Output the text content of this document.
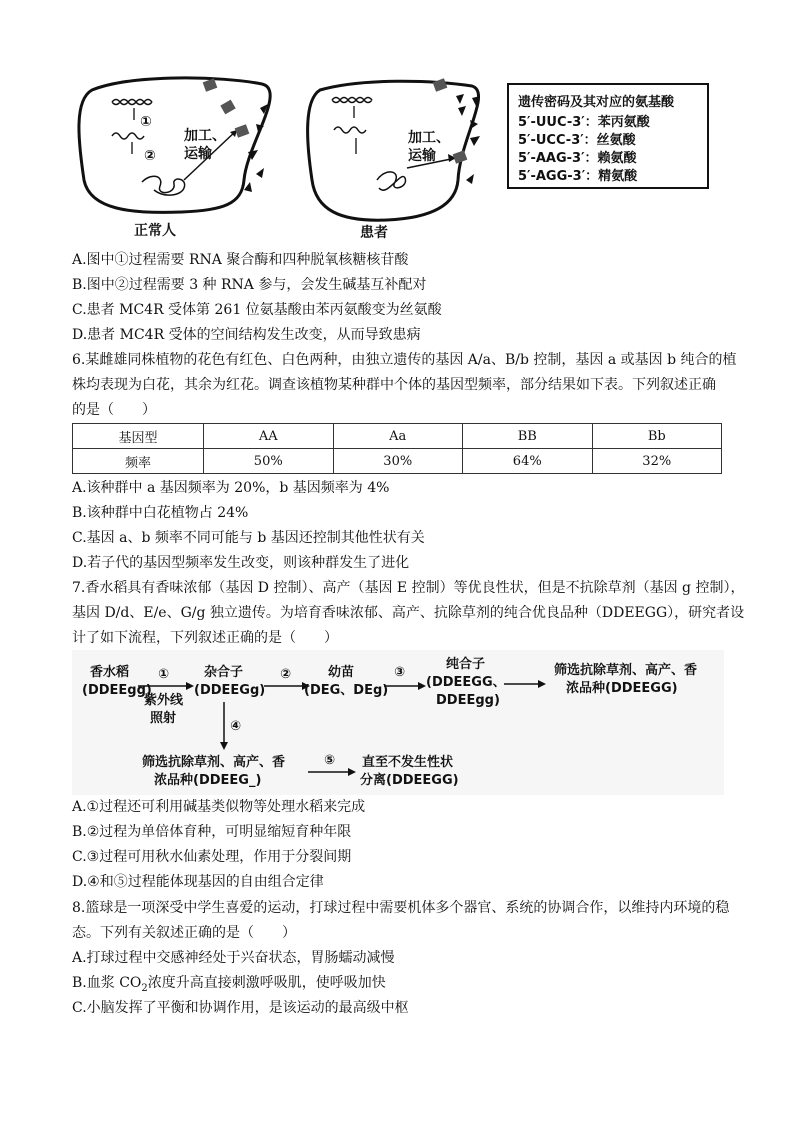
①
②
加工、
运输
正常人
加工、
运输
患者
遗传密码及其对应的氨基酸
5′-UUC-3′：苯丙氨酸
5′-UCC-3′：丝氨酸
5′-AAG-3′：赖氨酸
5′-AGG-3′：精氨酸
A.图中①过程需要 RNA 聚合酶和四种脱氧核糖核苷酸
B.图中②过程需要 3 种 RNA 参与，会发生碱基互补配对
C.患者 MC4R 受体第 261 位氨基酸由苯丙氨酸变为丝氨酸
D.患者 MC4R 受体的空间结构发生改变，从而导致患病
6.某雌雄同株植物的花色有红色、白色两种，由独立遗传的基因 A/a、B/b 控制，基因 a 或基因 b 纯合的植
株均表现为白花，其余为红花。调查该植物某种群中个体的基因型频率，部分结果如下表。下列叙述正确
的是（　　）
基因型	AA	Aa	BB	Bb
频率	50%	30%	64%	32%
A.该种群中 a 基因频率为 20%，b 基因频率为 4%
B.该种群中白花植物占 24%
C.基因 a、b 频率不同可能与 b 基因还控制其他性状有关
D.若子代的基因型频率发生改变，则该种群发生了进化
7.香水稻具有香味浓郁（基因 D 控制）、高产（基因 E 控制）等优良性状，但是不抗除草剂（基因 g 控制），
基因 D/d、E/e、G/g 独立遗传。为培育香味浓郁、高产、抗除草剂的纯合优良品种（DDEEGG），研究者设
计了如下流程，下列叙述正确的是（　　）
香水稻
(DDEEgg)
①
紫外线
照射
杂合子
(DDEEGg)
②	幼苗
(DEG、DEg)
③
纯合子
(DDEEGG、
DDEEgg)
筛选抗除草剂、高产、香
浓品种(DDEEGG)
④
筛选抗除草剂、高产、香
浓品种(DDEEG_)
⑤ 直至不发生性状
分离(DDEEGG)
A.①过程还可利用碱基类似物等处理水稻来完成
B.②过程为单倍体育种，可明显缩短育种年限
C.③过程可用秋水仙素处理，作用于分裂间期
D.④和⑤过程能体现基因的自由组合定律
8.篮球是一项深受中学生喜爱的运动，打球过程中需要机体多个器官、系统的协调合作，以维持内环境的稳
态。下列有关叙述正确的是（　　）
A.打球过程中交感神经处于兴奋状态，胃肠蠕动减慢
B.血浆 $CO_2$浓度升高直接刺激呼吸肌，使呼吸加快
C.小脑发挥了平衡和协调作用，是该运动的最高级中枢
